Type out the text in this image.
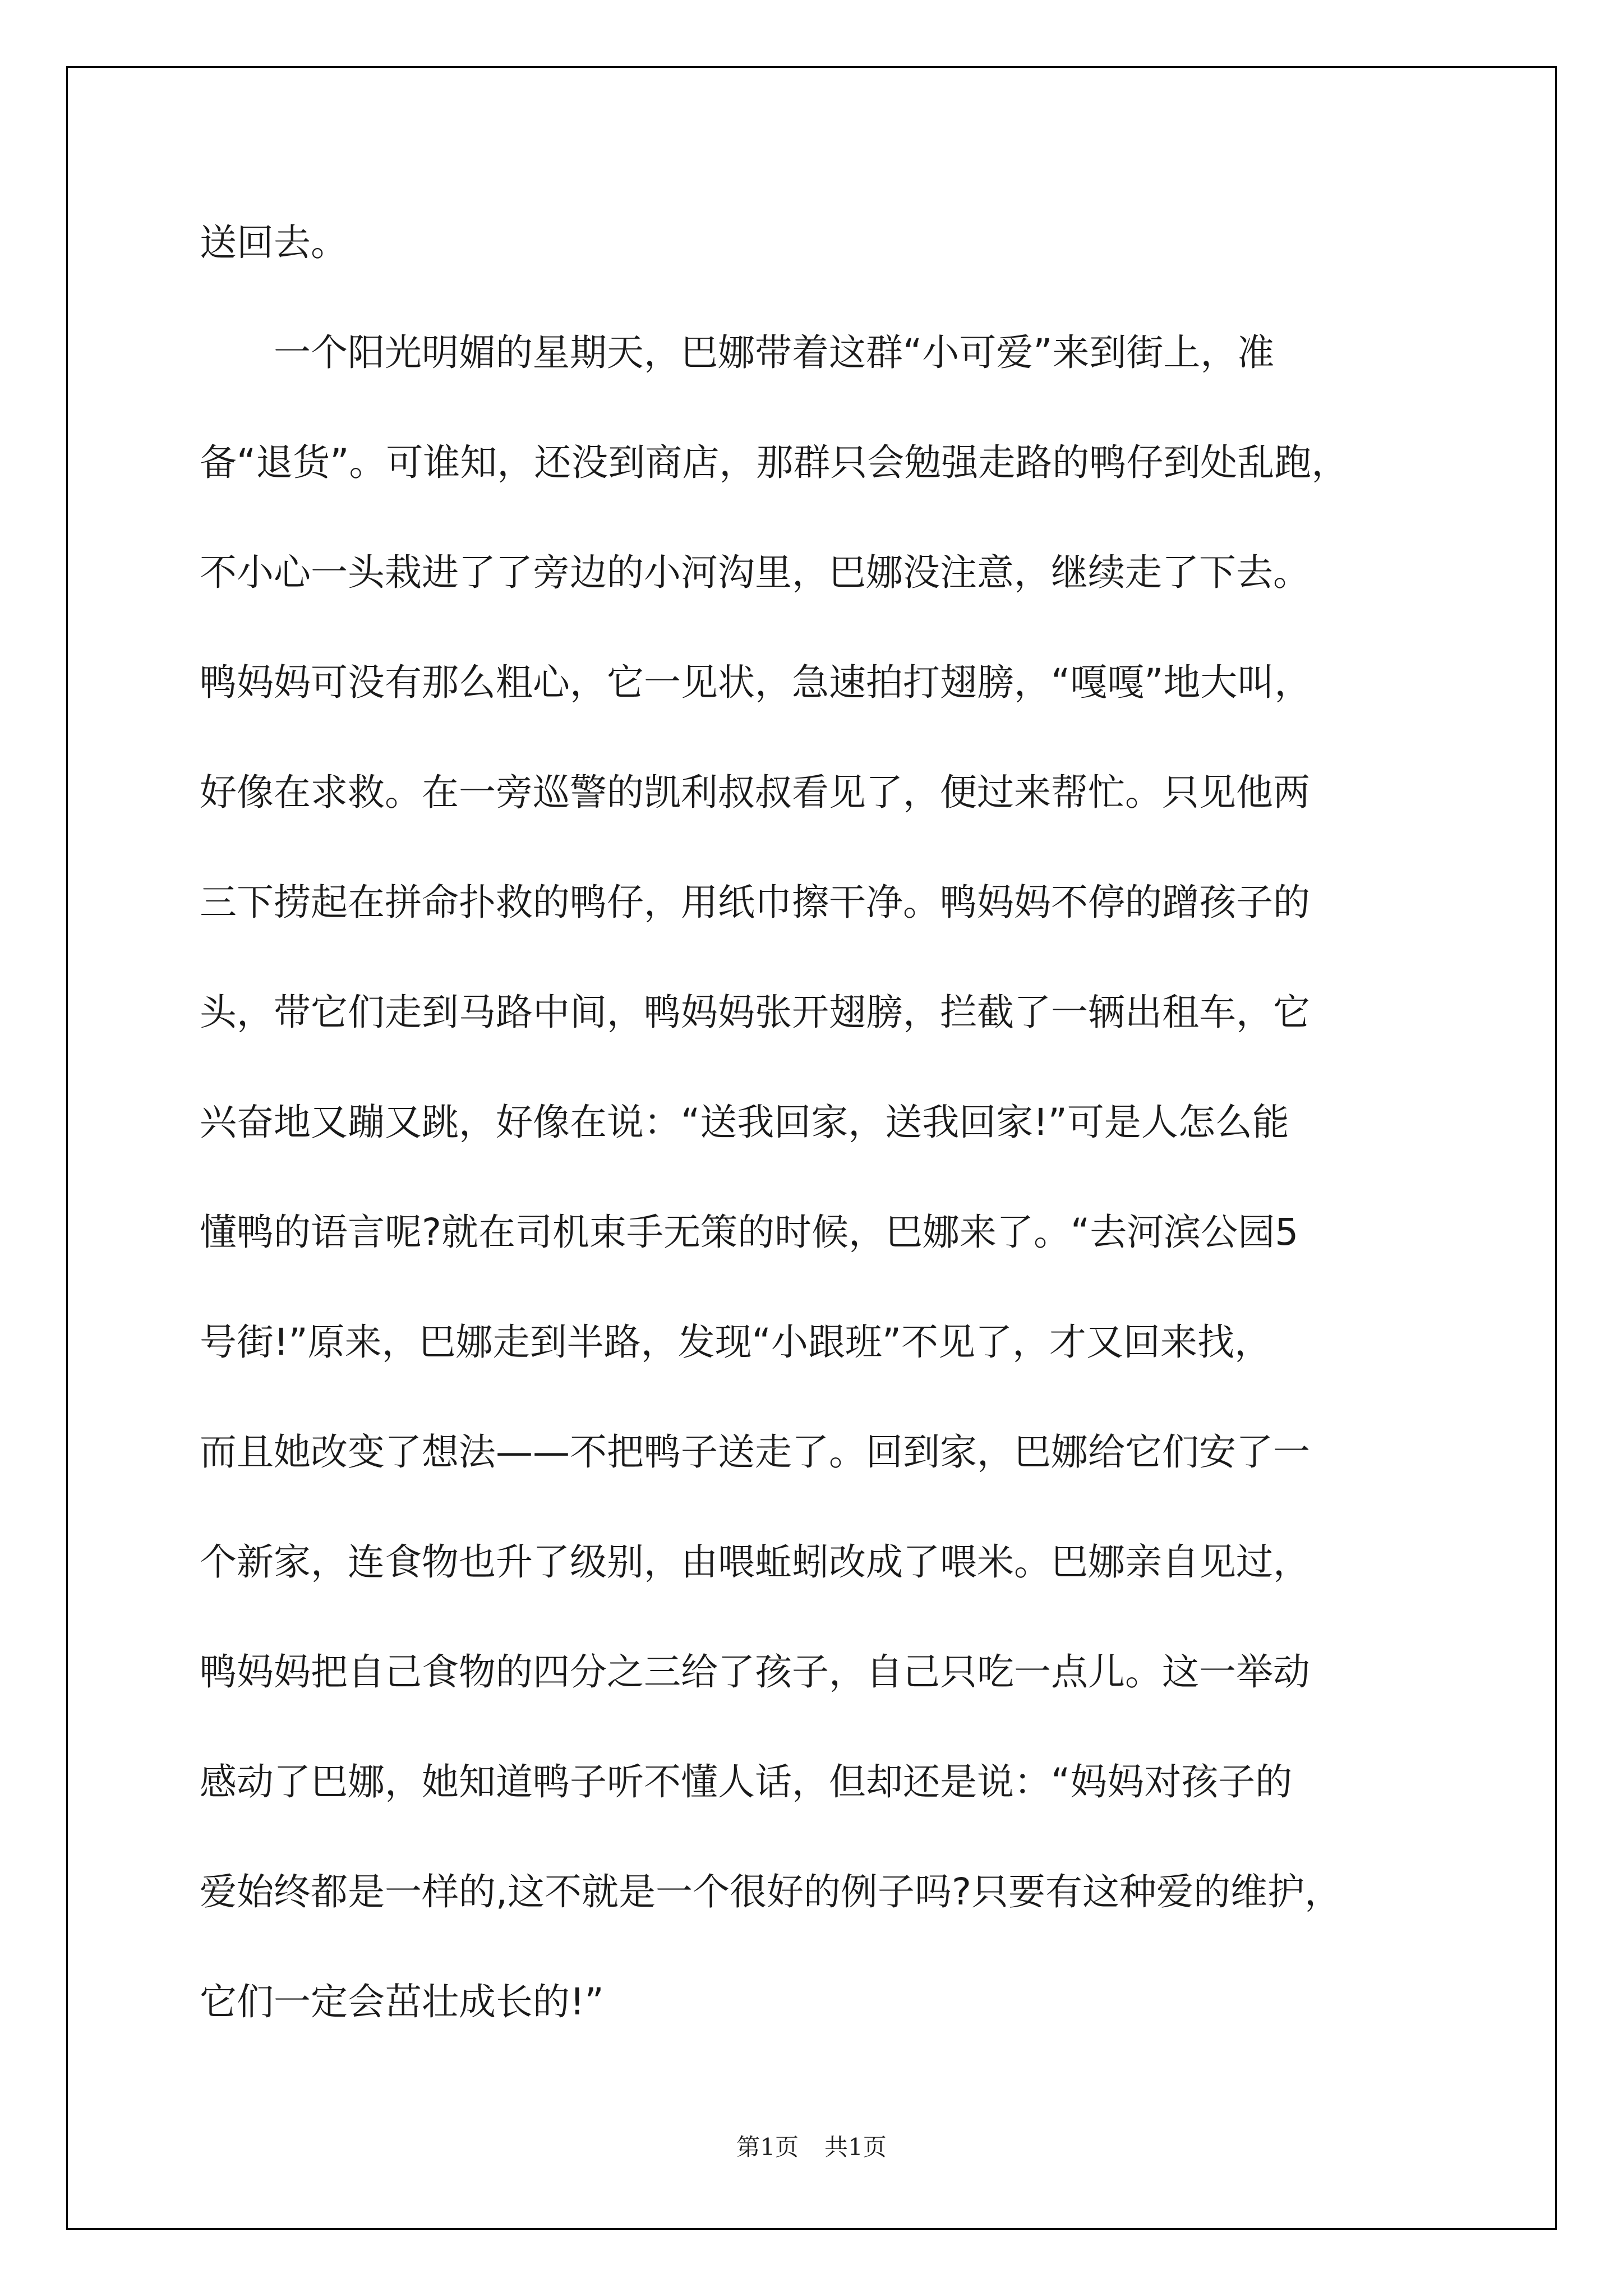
送回去。
一个阳光明媚的星期天，巴娜带着这群“小可爱”来到街上，准
备“退货”。可谁知，还没到商店，那群只会勉强走路的鸭仔到处乱跑，
不小心一头栽进了了旁边的小河沟里，巴娜没注意，继续走了下去。
鸭妈妈可没有那么粗心，它一见状，急速拍打翅膀，“嘎嘎”地大叫，
好像在求救。在一旁巡警的凯利叔叔看见了，便过来帮忙。只见他两
三下捞起在拼命扑救的鸭仔，用纸巾擦干净。鸭妈妈不停的蹭孩子的
头，带它们走到马路中间，鸭妈妈张开翅膀，拦截了一辆出租车，它
兴奋地又蹦又跳，好像在说：“送我回家，送我回家!”可是人怎么能
懂鸭的语言呢?就在司机束手无策的时候，巴娜来了。“去河滨公园5
号街!”原来，巴娜走到半路，发现“小跟班”不见了，才又回来找，
而且她改变了想法——不把鸭子送走了。回到家，巴娜给它们安了一
个新家，连食物也升了级别，由喂蚯蚓改成了喂米。巴娜亲自见过，
鸭妈妈把自己食物的四分之三给了孩子，自己只吃一点儿。这一举动
感动了巴娜，她知道鸭子听不懂人话，但却还是说：“妈妈对孩子的
爱始终都是一样的,这不就是一个很好的例子吗?只要有这种爱的维护，
它们一定会茁壮成长的!”
第1页 共1页
